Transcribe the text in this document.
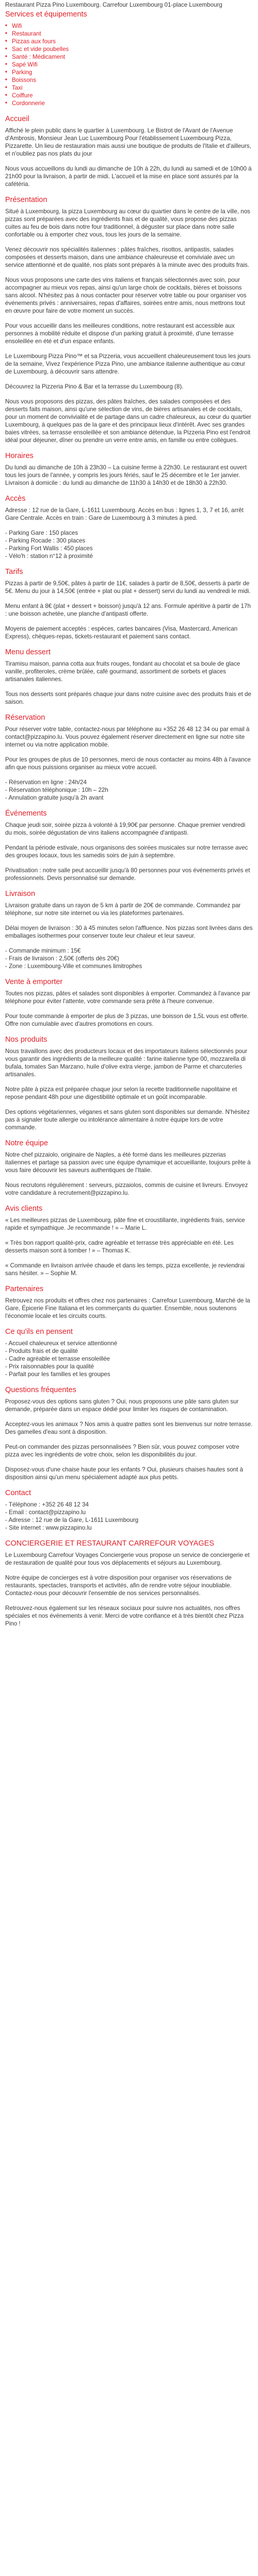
Restaurant Pizza Pino Luxembourg. Carrefour Luxembourg 01-place Luxembourg

Services et équipements
■ Wifi
■ Restaurant
■ Pizzas aux fours
■ Sac et vide poubelles
■ Santé : Médicament
■ Sapé Wifi
■ Parking
■ Boissons
■ Taxi
■ Coiffure
■ Cordonnerie
Accueil

Affiché le plein public dans le quartier à Luxembourg. Le Bistrot de l'Avant de l'Avenue d'Ambrosis, Monsieur Jean Luc Luxembourg Pour l'établissement Luxembourg Pizza, Pizzarette. Un lieu de restauration mais aussi une boutique de produits de l'Italie et d'ailleurs, et n'oubliez pas nos plats du jour

Nous vous accueillons du lundi au dimanche de 10h à 22h, du lundi au samedi et de 10h00 à 21h00 pour la livraison, à partir de midi. L'accueil et la mise en place sont assurés par la cafétéria.

Présentation

Situé à Luxembourg, la pizza Luxembourg au cœur du quartier dans le centre de la ville, nos pizzas sont préparées avec des ingrédients frais et de qualité, vous propose des pizzas cuites au feu de bois dans notre four traditionnel, à déguster sur place dans notre salle confortable ou à emporter chez vous, tous les jours de la semaine.

Venez découvrir nos spécialités italiennes : pâtes fraîches, risottos, antipastis, salades composées et desserts maison, dans une ambiance chaleureuse et conviviale avec un service attentionné et de qualité, nos plats sont préparés à la minute avec des produits frais.

Nous vous proposons une carte des vins italiens et français sélectionnés avec soin, pour accompagner au mieux vos repas, ainsi qu'un large choix de cocktails, bières et boissons sans alcool. N'hésitez pas à nous contacter pour réserver votre table ou pour organiser vos événements privés : anniversaires, repas d'affaires, soirées entre amis, nous mettrons tout en œuvre pour faire de votre moment un succès.

Pour vous accueillir dans les meilleures conditions, notre restaurant est accessible aux personnes à mobilité réduite et dispose d'un parking gratuit à proximité, d'une terrasse ensoleillée en été et d'un espace enfants.

Le Luxembourg Pizza Pino™ et sa Pizzeria, vous accueillent chaleureusement tous les jours de la semaine, Vivez l'expérience Pizza Pino, une ambiance italienne authentique au cœur de Luxembourg, à découvrir sans attendre.

Découvrez la Pizzeria Pino & Bar et la terrasse du Luxembourg (8).

Nous vous proposons des pizzas, des pâtes fraîches, des salades composées et des desserts faits maison, ainsi qu'une sélection de vins, de bières artisanales et de cocktails, pour un moment de convivialité et de partage dans un cadre chaleureux, au cœur du quartier Luxembourg, à quelques pas de la gare et des principaux lieux d'intérêt. Avec ses grandes baies vitrées, sa terrasse ensoleillée et son ambiance détendue, la Pizzeria Pino est l'endroit idéal pour déjeuner, dîner ou prendre un verre entre amis, en famille ou entre collègues.

Horaires

Du lundi au dimanche de 10h à 23h30 – La cuisine ferme à 22h30. Le restaurant est ouvert tous les jours de l'année, y compris les jours fériés, sauf le 25 décembre et le 1er janvier. Livraison à domicile : du lundi au dimanche de 11h30 à 14h30 et de 18h30 à 22h30.

Accès

Adresse : 12 rue de la Gare, L-1611 Luxembourg. Accès en bus : lignes 1, 3, 7 et 16, arrêt Gare Centrale. Accès en train : Gare de Luxembourg à 3 minutes à pied.

- Parking Gare : 150 places
- Parking Rocade : 300 places
- Parking Fort Wallis : 450 places
- Vélo'h : station n°12 à proximité
Tarifs

Pizzas à partir de 9,50€, pâtes à partir de 11€, salades à partir de 8,50€, desserts à partir de 5€. Menu du jour à 14,50€ (entrée + plat ou plat + dessert) servi du lundi au vendredi le midi.

Menu enfant à 8€ (plat + dessert + boisson) jusqu'à 12 ans. Formule apéritive à partir de 17h : une boisson achetée, une planche d'antipasti offerte.

Moyens de paiement acceptés : espèces, cartes bancaires (Visa, Mastercard, American Express), chèques-repas, tickets-restaurant et paiement sans contact.

Menu dessert

Tiramisu maison, panna cotta aux fruits rouges, fondant au chocolat et sa boule de glace vanille, profiteroles, crème brûlée, café gourmand, assortiment de sorbets et glaces artisanales italiennes.

Tous nos desserts sont préparés chaque jour dans notre cuisine avec des produits frais et de saison.

Réservation

Pour réserver votre table, contactez-nous par téléphone au +352 26 48 12 34 ou par email à contact@pizzapino.lu. Vous pouvez également réserver directement en ligne sur notre site internet ou via notre application mobile.

Pour les groupes de plus de 10 personnes, merci de nous contacter au moins 48h à l'avance afin que nous puissions organiser au mieux votre accueil.

- Réservation en ligne : 24h/24
- Réservation téléphonique : 10h – 22h
- Annulation gratuite jusqu'à 2h avant
Événements

Chaque jeudi soir, soirée pizza à volonté à 19,90€ par personne. Chaque premier vendredi du mois, soirée dégustation de vins italiens accompagnée d'antipasti.

Pendant la période estivale, nous organisons des soirées musicales sur notre terrasse avec des groupes locaux, tous les samedis soirs de juin à septembre.

Privatisation : notre salle peut accueillir jusqu'à 80 personnes pour vos événements privés et professionnels. Devis personnalisé sur demande.

Livraison

Livraison gratuite dans un rayon de 5 km à partir de 20€ de commande. Commandez par téléphone, sur notre site internet ou via les plateformes partenaires.

Délai moyen de livraison : 30 à 45 minutes selon l'affluence. Nos pizzas sont livrées dans des emballages isothermes pour conserver toute leur chaleur et leur saveur.

- Commande minimum : 15€
- Frais de livraison : 2,50€ (offerts dès 20€)
- Zone : Luxembourg-Ville et communes limitrophes
Vente à emporter

Toutes nos pizzas, pâtes et salades sont disponibles à emporter. Commandez à l'avance par téléphone pour éviter l'attente, votre commande sera prête à l'heure convenue.

Pour toute commande à emporter de plus de 3 pizzas, une boisson de 1,5L vous est offerte. Offre non cumulable avec d'autres promotions en cours.

Nos produits

Nous travaillons avec des producteurs locaux et des importateurs italiens sélectionnés pour vous garantir des ingrédients de la meilleure qualité : farine italienne type 00, mozzarella di bufala, tomates San Marzano, huile d'olive extra vierge, jambon de Parme et charcuteries artisanales.

Notre pâte à pizza est préparée chaque jour selon la recette traditionnelle napolitaine et repose pendant 48h pour une digestibilité optimale et un goût incomparable.

Des options végétariennes, véganes et sans gluten sont disponibles sur demande. N'hésitez pas à signaler toute allergie ou intolérance alimentaire à notre équipe lors de votre commande.

Notre équipe

Notre chef pizzaiolo, originaire de Naples, a été formé dans les meilleures pizzerias italiennes et partage sa passion avec une équipe dynamique et accueillante, toujours prête à vous faire découvrir les saveurs authentiques de l'Italie.

Nous recrutons régulièrement : serveurs, pizzaiolos, commis de cuisine et livreurs. Envoyez votre candidature à recrutement@pizzapino.lu.

Avis clients

« Les meilleures pizzas de Luxembourg, pâte fine et croustillante, ingrédients frais, service rapide et sympathique. Je recommande ! » – Marie L.

« Très bon rapport qualité-prix, cadre agréable et terrasse très appréciable en été. Les desserts maison sont à tomber ! » – Thomas K.

« Commande en livraison arrivée chaude et dans les temps, pizza excellente, je reviendrai sans hésiter. » – Sophie M.

Partenaires

Retrouvez nos produits et offres chez nos partenaires : Carrefour Luxembourg, Marché de la Gare, Épicerie Fine Italiana et les commerçants du quartier. Ensemble, nous soutenons l'économie locale et les circuits courts.

Ce qu'ils en pensent
- Accueil chaleureux et service attentionné
- Produits frais et de qualité
- Cadre agréable et terrasse ensoleillée
- Prix raisonnables pour la qualité
- Parfait pour les familles et les groupes
Questions fréquentes

Proposez-vous des options sans gluten ? Oui, nous proposons une pâte sans gluten sur demande, préparée dans un espace dédié pour limiter les risques de contamination.

Acceptez-vous les animaux ? Nos amis à quatre pattes sont les bienvenus sur notre terrasse. Des gamelles d'eau sont à disposition.

Peut-on commander des pizzas personnalisées ? Bien sûr, vous pouvez composer votre pizza avec les ingrédients de votre choix, selon les disponibilités du jour.

Disposez-vous d'une chaise haute pour les enfants ? Oui, plusieurs chaises hautes sont à disposition ainsi qu'un menu spécialement adapté aux plus petits.

Contact
- Téléphone : +352 26 48 12 34
- Email : contact@pizzapino.lu
- Adresse : 12 rue de la Gare, L-1611 Luxembourg
- Site internet : www.pizzapino.lu
CONCIERGERIE ET RESTAURANT CARREFOUR VOYAGES

Le Luxembourg Carrefour Voyages Conciergerie vous propose un service de conciergerie et de restauration de qualité pour tous vos déplacements et séjours au Luxembourg.

Notre équipe de concierges est à votre disposition pour organiser vos réservations de restaurants, spectacles, transports et activités, afin de rendre votre séjour inoubliable. Contactez-nous pour découvrir l'ensemble de nos services personnalisés.

Retrouvez-nous également sur les réseaux sociaux pour suivre nos actualités, nos offres spéciales et nos événements à venir. Merci de votre confiance et à très bientôt chez Pizza Pino !
